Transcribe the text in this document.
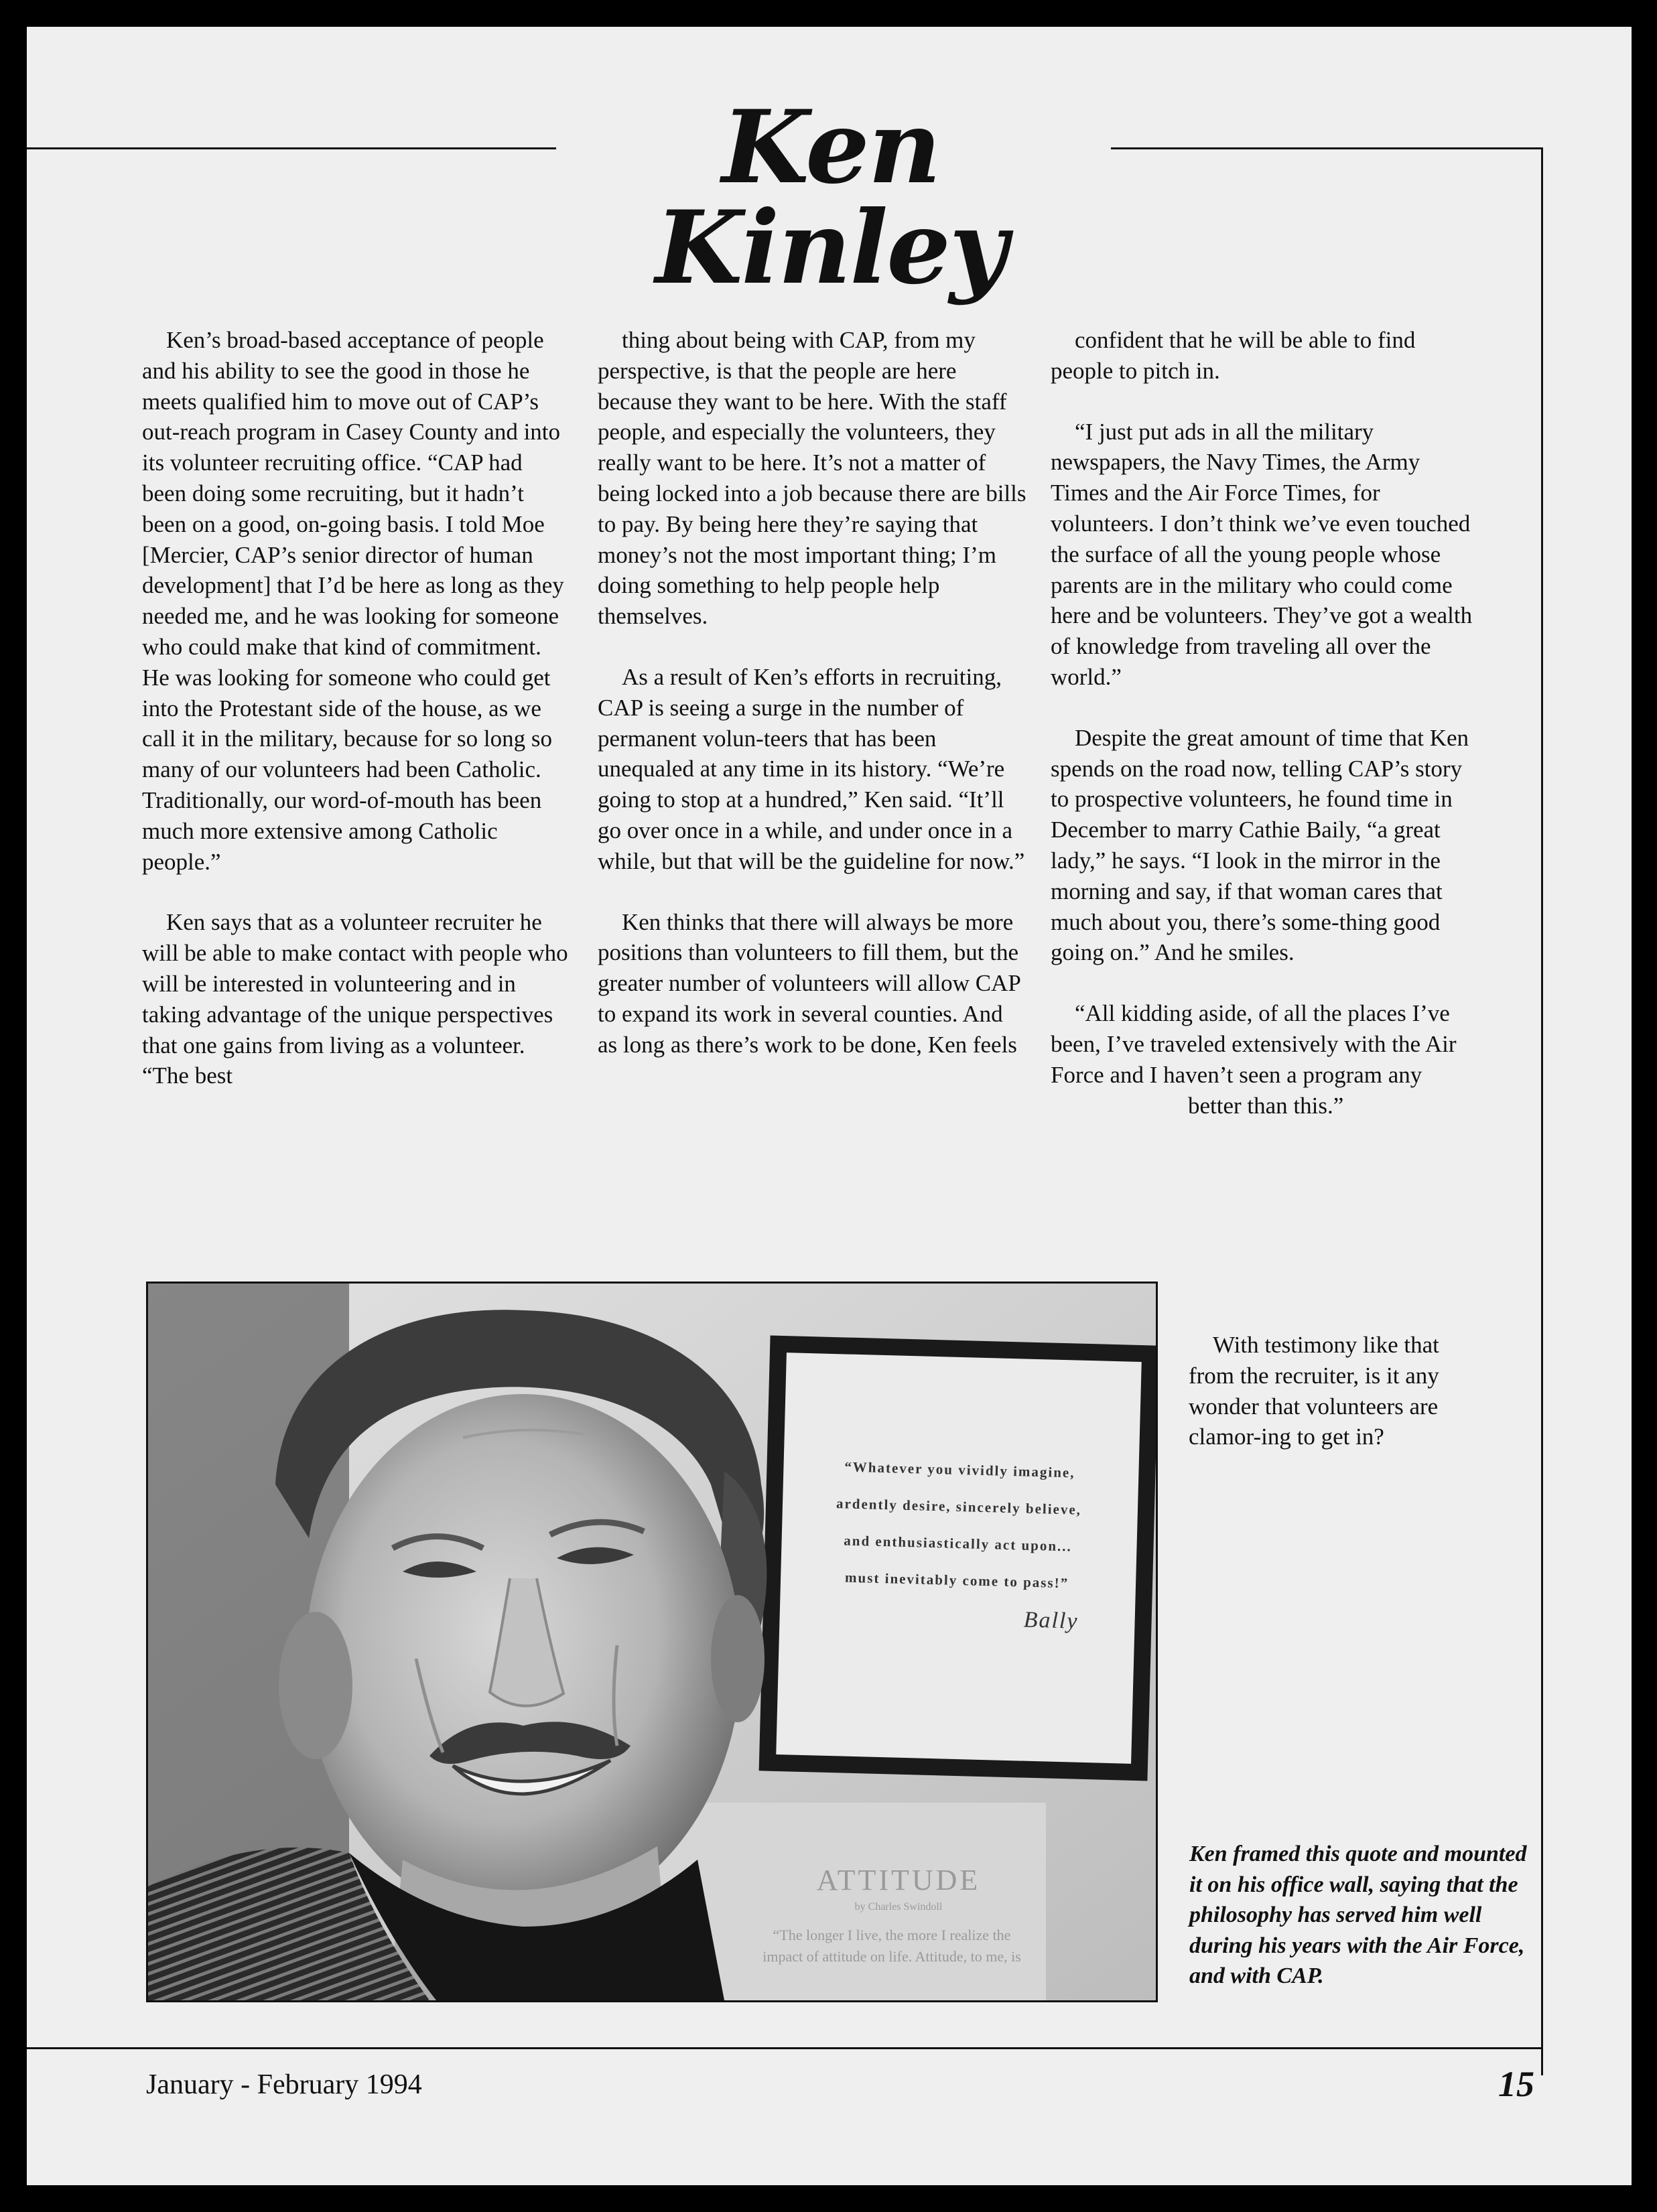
Ken Kinley

Ken’s broad-based acceptance of people and his ability to see the good in those he meets qualified him to move out of CAP’s out-reach program in Casey County and into its volunteer recruiting office. “CAP had been doing some recruiting, but it hadn’t been on a good, on-going basis. I told Moe [Mercier, CAP’s senior director of human development] that I’d be here as long as they needed me, and he was looking for someone who could make that kind of commitment. He was looking for someone who could get into the Protestant side of the house, as we call it in the military, because for so long so many of our volunteers had been Catholic. Traditionally, our word-of-mouth has been much more extensive among Catholic people.”

Ken says that as a volunteer recruiter he will be able to make contact with people who will be interested in volunteering and in taking advantage of the unique perspectives that one gains from living as a volunteer. “The best

thing about being with CAP, from my perspective, is that the people are here because they want to be here. With the staff people, and especially the volunteers, they really want to be here. It’s not a matter of being locked into a job because there are bills to pay. By being here they’re saying that money’s not the most important thing; I’m doing something to help people help themselves.

As a result of Ken’s efforts in recruiting, CAP is seeing a surge in the number of permanent volun-teers that has been unequaled at any time in its history. “We’re going to stop at a hundred,” Ken said. “It’ll go over once in a while, and under once in a while, but that will be the guideline for now.”

Ken thinks that there will always be more positions than volunteers to fill them, but the greater number of volunteers will allow CAP to expand its work in several counties. And as long as there’s work to be done, Ken feels

confident that he will be able to find people to pitch in.

“I just put ads in all the military newspapers, the Navy Times, the Army Times and the Air Force Times, for volunteers. I don’t think we’ve even touched the surface of all the young people whose parents are in the military who could come here and be volunteers. They’ve got a wealth of knowledge from traveling all over the world.”

Despite the great amount of time that Ken spends on the road now, telling CAP’s story to prospective volunteers, he found time in December to marry Cathie Baily, “a great lady,” he says. “I look in the mirror in the morning and say, if that woman cares that much about you, there’s some-thing good going on.” And he smiles.

“All kidding aside, of all the places I’ve been, I’ve traveled extensively with the Air Force and I haven’t seen a program any

better than this.”

With testimony like that from the recruiter, is it any wonder that volunteers are clamor-ing to get in?

“Whatever you vividly imagine,
ardently desire, sincerely believe,
and enthusiastically act upon...
must inevitably come to pass!”
Bally
ATTITUDE
by Charles Swindoll
“The longer I live, the more I realize the
impact of attitude on life. Attitude, to me, is

Ken framed this quote and mounted it on his office wall, saying that the philosophy has served him well during his years with the Air Force, and with CAP.

January - February 1994	15
